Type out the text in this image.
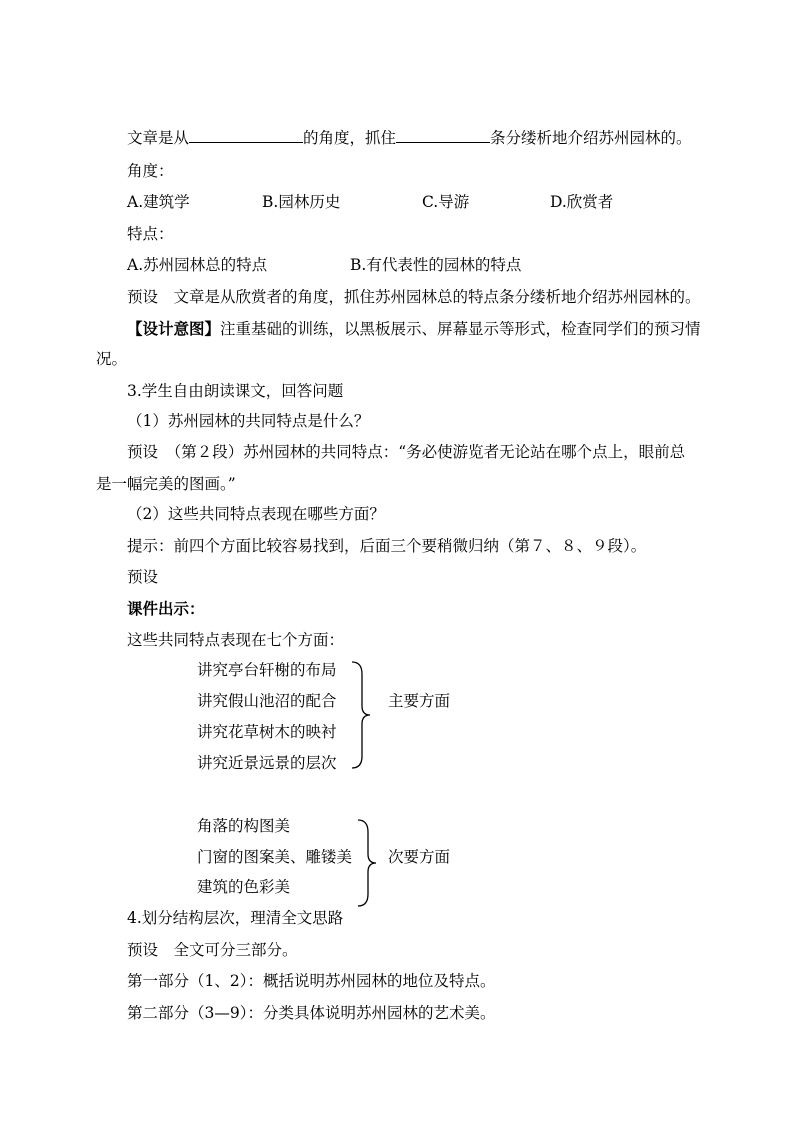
文章是从	的角度，抓住	条分缕析地介绍苏州园林的。
角度：
A.建筑学	B.园林历史	C.导游	D.欣赏者
特点：
A.苏州园林总的特点	B.有代表性的园林的特点
预设　文章是从欣赏者的角度，抓住苏州园林总的特点条分缕析地介绍苏州园林的。
【设计意图】注重基础的训练，以黑板展示、屏幕显示等形式，检查同学们的预习情
况。
3.学生自由朗读课文，回答问题
（1）苏州园林的共同特点是什么？
预设　（第２段）苏州园林的共同特点：“务必使游览者无论站在哪个点上，眼前总
是一幅完美的图画。”
（2）这些共同特点表现在哪些方面？
提示：前四个方面比较容易找到，后面三个要稍微归纳（第７、８、９段）。
预设
课件出示：
这些共同特点表现在七个方面：
讲究亭台轩榭的布局
讲究假山池沼的配合
讲究花草树木的映衬
讲究近景远景的层次
主要方面
角落的构图美
门窗的图案美、雕镂美
建筑的色彩美
次要方面
4.划分结构层次，理清全文思路
预设　全文可分三部分。
第一部分（1、2）：概括说明苏州园林的地位及特点。
第二部分（3—9）：分类具体说明苏州园林的艺术美。
